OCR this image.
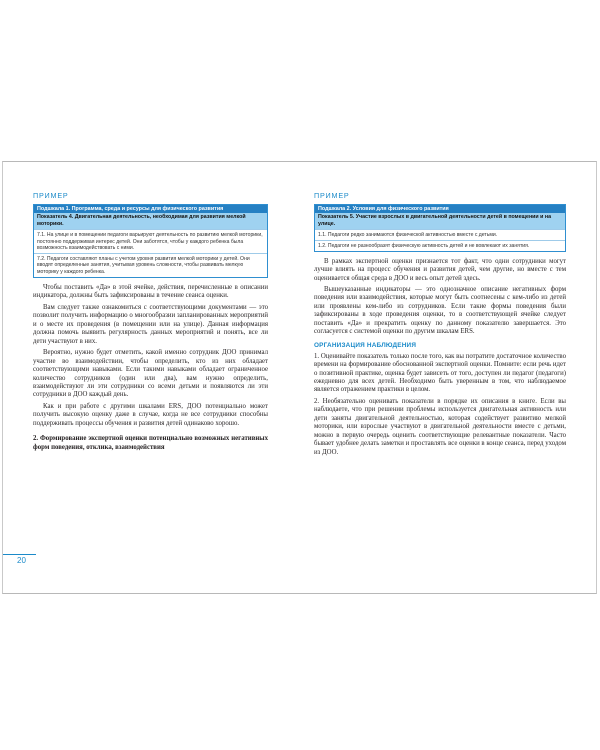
ПРИМЕР
Подшкала 1. Программа, среда и ресурсы для физического развития
Показатель 4. Двигательная деятельность, необходимая для развития мелкой моторики.
7.1. На улице и в помещении педагоги варьируют деятельность по развитию мелкой моторики, постоянно поддерживая интерес детей. Они заботятся, чтобы у каждого ребенка была возможность взаимодействовать с ними.
7.2. Педагоги составляют планы с учетом уровня развития мелкой моторики у детей. Они вводят определенные занятия, учитывая уровень сложности, чтобы развивать мелкую моторику у каждого ребенка.

Чтобы поставить «Да» в этой ячейке, действия, перечисленные в описании индикатора, должны быть зафиксированы в течение сеанса оценки.

Вам следует также ознакомиться с соответствующими документами — это позволит получить информацию о многообразии запланированных мероприятий и о месте их проведения (в помещении или на улице). Данная информация должна помочь выявить регулярность данных мероприятий и понять, все ли дети участвуют в них.

Вероятно, нужно будет отметить, какой именно сотрудник ДОО принимал участие во взаимодействии, чтобы определить, кто из них обладает соответствующими навыками. Если такими навыками обладает ограниченное количество сотрудников (один или два), вам нужно определить, взаимодействуют ли эти сотрудники со всеми детьми и появляются ли эти сотрудники в ДОО каждый день.

Как и при работе с другими шкалами ERS, ДОО потенциально может получить высокую оценку даже в случае, когда не все сотрудники способны поддерживать процессы обучения и развития детей одинаково хорошо.

2. Формирование экспертной оценки потенциально возможных негативных форм поведения, отклика, взаимодействия
20
ПРИМЕР
Подшкала 2. Условия для физического развития
Показатель 5. Участие взрослых в двигательной деятельности детей в помещении и на улице.
1.1. Педагоги редко занимаются физической активностью вместе с детьми.
1.2. Педагоги не разнообразят физическую активность детей и не вовлекают их занятия.

В рамках экспертной оценки признается тот факт, что одни сотрудники могут лучше влиять на процесс обучения и развития детей, чем другие, но вместе с тем оценивается общая среда в ДОО и весь опыт детей здесь.

Вышеуказанные индикаторы — это однозначное описание негативных форм поведения или взаимодействия, которые могут быть соотнесены с кем-либо из детей или проявлены кем-либо из сотрудников. Если такие формы поведения были зафиксированы в ходе проведения оценки, то в соответствующей ячейке следует поставить «Да» и прекратить оценку по данному показателю завершается. Это согласуется с системой оценки по другим шкалам ERS.

ОРГАНИЗАЦИЯ НАБЛЮДЕНИЯ

1. Оценивайте показатель только после того, как вы потратите достаточное количество времени на формирование обоснованной экспертной оценки. Помните: если речь идет о позитивной практике, оценка будет зависеть от того, доступен ли педагог (педагоги) ежедневно для всех детей. Необходимо быть уверенным в том, что наблюдаемое является отражением практики в целом.

2. Необязательно оценивать показатели в порядке их описания в книге. Если вы наблюдаете, что при решении проблемы используется двигательная активность или дети заняты двигательной деятельностью, которая содействует развитию мелкой моторики, или взрослые участвуют в двигательной деятельности вместе с детьми, можно в первую очередь оценить соответствующие релевантные показатели. Часто бывает удобнее делать заметки и проставлять все оценки в конце сеанса, перед уходом из ДОО.
